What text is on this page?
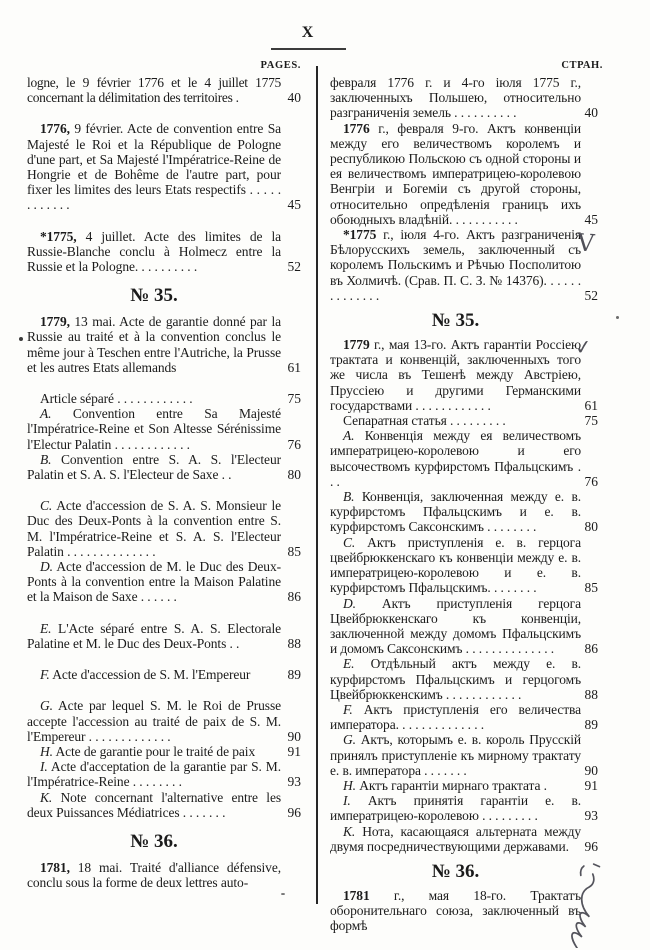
X

PAGES.

logne, le 9 février 1776 et le 4 juillet 1775 concernant la délimitation des territoires .	40

1776, 9 février. Acte de convention entre Sa Majesté le Roi et la République de Pologne d'une part, et Sa Majesté l'Impératrice-Reine de Hongrie et de Bohême de l'autre part, pour fixer les limites des leurs Etats respectifs . . . . . . . . . . . .	45

*1775, 4 juillet. Acte des limites de la Russie-Blanche conclu à Holmecz entre la Russie et la Pologne. . . . . . . . . .	52

№ 35.

1779, 13 mai. Acte de garantie donné par la Russie au traité et à la convention conclus le même jour à Teschen entre l'Autriche, la Prusse et les autres Etats allemands	61

Article séparé . . . . . . . . . . . .	75

A. Convention entre Sa Majesté l'Impératrice-Reine et Son Altesse Sérénissime l'Electur Palatin . . . . . . . . . . . .	76

B. Convention entre S. A. S. l'Electeur Palatin et S. A. S. l'Electeur de Saxe . .	80

C. Acte d'accession de S. A. S. Monsieur le Duc des Deux-Ponts à la convention entre S. M. l'Impératrice-Reine et S. A. S. l'Electeur Palatin . . . . . . . . . . . . . .	85

D. Acte d'accession de M. le Duc des Deux-Ponts à la convention entre la Maison Palatine et la Maison de Saxe . . . . . .	86

E. L'Acte séparé entre S. A. S. Electorale Palatine et M. le Duc des Deux-Ponts . .	88

F. Acte d'accession de S. M. l'Empereur	89

G. Acte par lequel S. M. le Roi de Prusse accepte l'accession au traité de paix de S. M. l'Empereur . . . . . . . . . . . . .	90

H. Acte de garantie pour le traité de paix	91

I. Acte d'acceptation de la garantie par S. M. l'Impératrice-Reine . . . . . . . .	93

K. Note concernant l'alternative entre les deux Puissances Médiatrices . . . . . . .	96

№ 36.

1781, 18 mai. Traité d'alliance défensive, conclu sous la forme de deux lettres auto-

СТРАН.

февраля 1776 г. и 4-го іюля 1775 г., заключенныхъ Польшею, относительно разграниченія земель . . . . . . . . . .	40

1776 г., февраля 9-го. Актъ конвенціи между его величествомъ королемъ и республикою Польскою съ одной стороны и ея величествомъ императрицею-королевою Венгріи и Богеміи съ другой стороны, относительно опредѣленія границъ ихъ обоюдныхъ владѣній. . . . . . . . . . .	45

*1775 г., іюля 4-го. Актъ разграниченія Бѣлорусскихъ земель, заключенный съ королемъ Польскимъ и Рѣчью Посполитою въ Холмичѣ. (Срав. П. С. З. № 14376). . . . . . . . . . . . . .	52

№ 35.

1779 г., мая 13-го. Актъ гарантіи Россіею трактата и конвенцій, заключенныхъ того же числа въ Тешенѣ между Австріею, Пруссіею и другими Германскими государствами . . . . . . . . . . . .	61

Сепаратная статья . . . . . . . . .	75

A. Конвенція между ея величествомъ императрицею-королевою и его высочествомъ курфирстомъ Пфальцскимъ . . .	76

B. Конвенція, заключенная между е. в. курфирстомъ Пфальцскимъ и е. в. курфирстомъ Саксонскимъ . . . . . . . .	80

C. Актъ приступленія е. в. герцога цвейбрюккенскаго къ конвенціи между е. в. императрицею-королевою и е. в. курфирстомъ Пфальцскимъ. . . . . . . .	85

D. Актъ приступленія герцога Цвейбрюккенскаго къ конвенціи, заключенной между домомъ Пфальцскимъ и домомъ Саксонскимъ . . . . . . . . . . . . . .	86

E. Отдѣльный актъ между е. в. курфирстомъ Пфальцскимъ и герцогомъ Цвейбрюккенскимъ . . . . . . . . . . . .	88

F. Актъ приступленія его величества императора. . . . . . . . . . . . . .	89

G. Актъ, которымъ е. в. король Прусскій принялъ приступленіе къ мирному трактату е. в. императора . . . . . . .	90

H. Актъ гарантіи мирнаго трактата .	91

I. Актъ принятія гарантіи е. в. императрицею-королевою . . . . . . . . .	93

K. Нота, касающаяся альтерната между двумя посредничествующими державами.	96

№ 36.

1781 г., мая 18-го. Трактатъ оборонительнаго союза, заключенный въ формѣ

V
✓
